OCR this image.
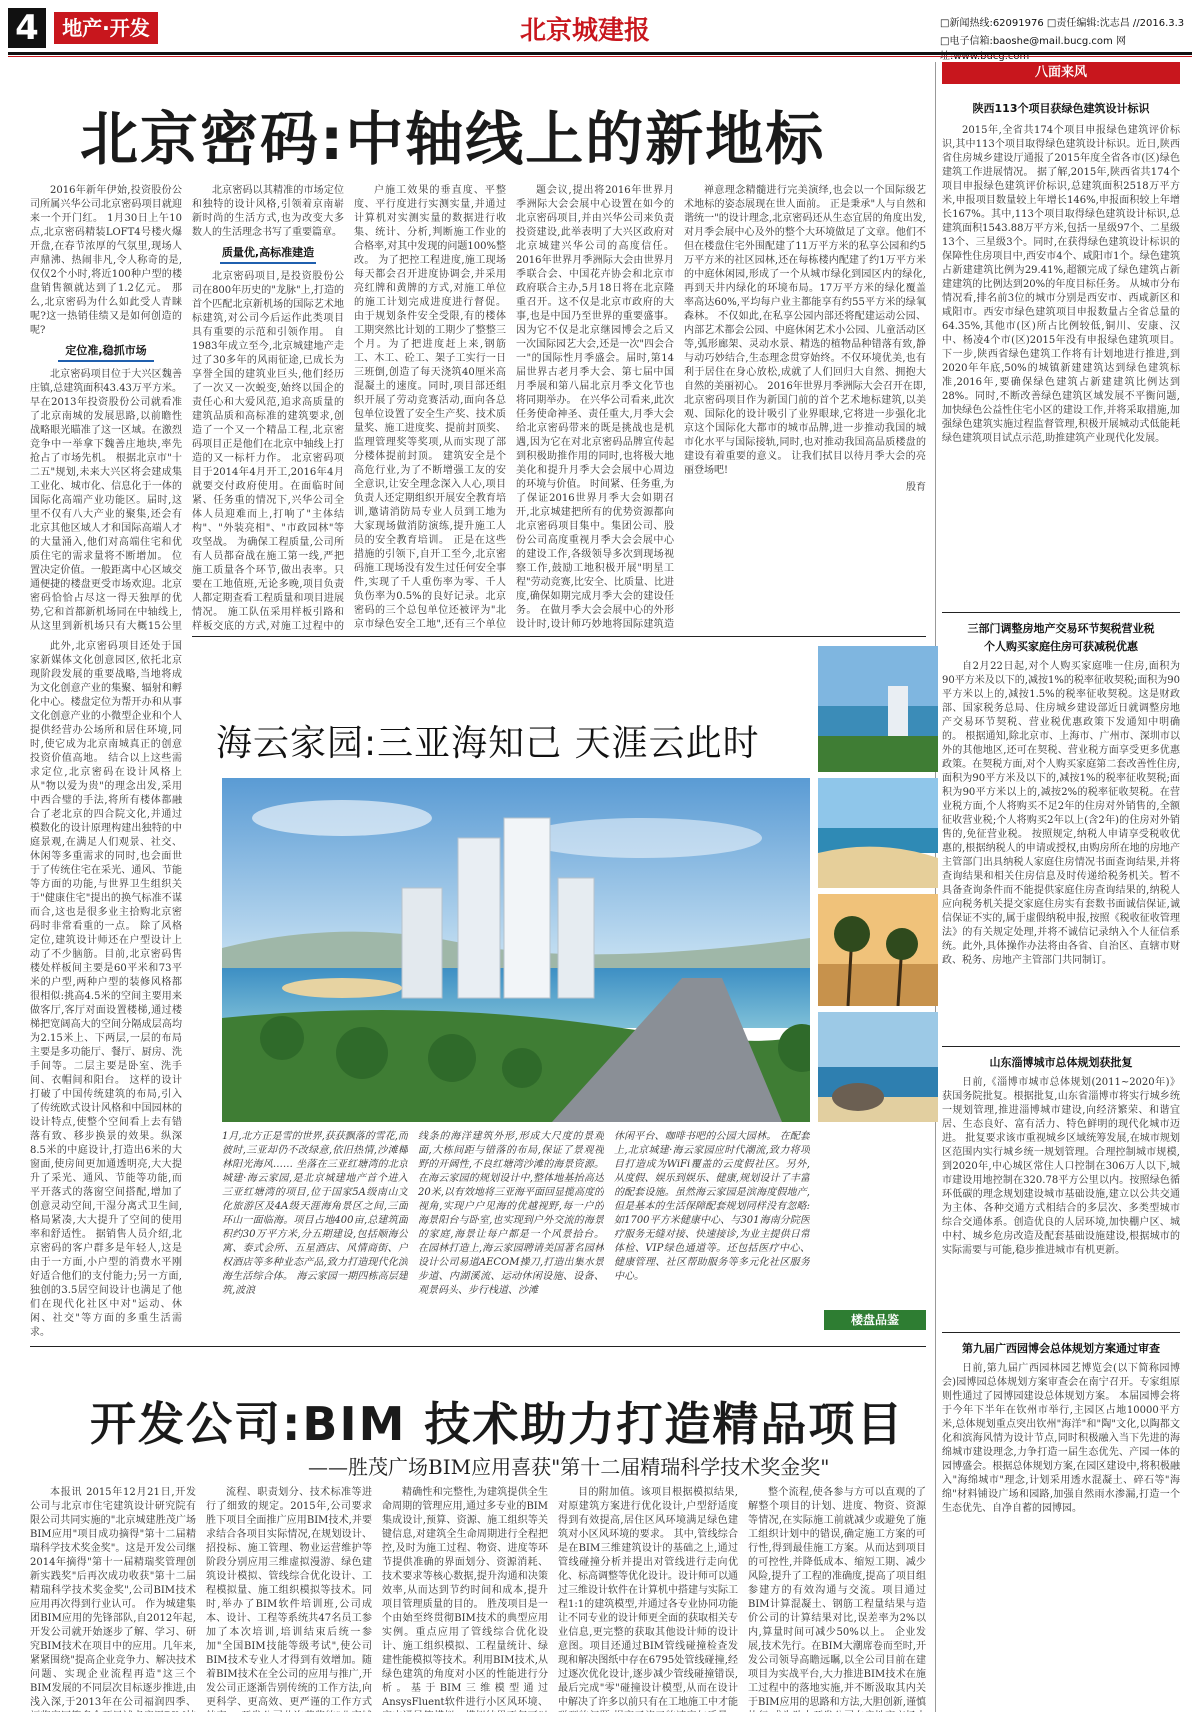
4	地产·开发	北京城建报	□新闻热线:62091976 □责任编辑:沈志昌 //2016.3.3
□电子信箱:baoshe@mail.bucg.com 网
北京密码:中轴线上的新地标

2016年新年伊始,投资股份公司所属兴华公司北京密码项目就迎来一个开门红。 1月30日上午10点,北京密码精装LOFT4号楼火爆开盘,在春节浓厚的气氛里,现场人声鼎沸、热闹非凡,令人称奇的是,仅仅2个小时,将近100种户型的楼盘销售额就达到了1.2亿元。 那么,北京密码为什么如此受人青睐呢?这一热销佳绩又是如何创造的呢?

定位准,稳抓市场

北京密码项目位于大兴区魏善庄镇,总建筑面积43.43万平方米。早在2013年投资股份公司就看准了北京南城的发展思路,以前瞻性战略眼光瞄准了这一区域。在激烈竞争中一举拿下魏善庄地块,率先抢占了市场先机。 根据北京市"十二五"规划,未来大兴区将会建成集工业化、城市化、信息化于一体的国际化高端产业功能区。届时,这里不仅有八大产业的聚集,还会有北京其他区域人才和国际高端人才的大量涌入,他们对高端住宅和优质住宅的需求量将不断增加。 位置决定价值。一般距离中心区域交通便捷的楼盘更受市场欢迎。北京密码恰恰占尽这一得天独厚的优势,它和首都新机场同在中轴线上,从这里到新机场只有大概15公里

此外,北京密码项目还处于国家新媒体文化创意园区,依托北京现阶段发展的重要战略,当地将成为文化创意产业的集聚、辐射和孵化中心。楼盘定位为帮开办和从事文化创意产业的小微型企业和个人提供经营办公场所和居住环境,同时,使它成为北京南城真正的创意投资价值高地。 结合以上这些需求定位,北京密码在设计风格上从"物以爱为贵"的理念出发,采用中西合璧的手法,将所有楼体都融合了老北京的四合院文化,并通过模数化的设计原理构建出独特的中庭景观,在满足人们观景、社交、休闲等多重需求的同时,也会面世于了传统住宅在采光、通风、节能等方面的功能,与世界卫生组织关于"健康住宅"提出的换气标准不谋而合,这也是很多业主拾购北京密码时非常看重的一点。 除了风格定位,建筑设计师还在户型设计上动了不少脑筋。目前,北京密码售楼处样板间主要是60平米和73平米的户型,两种户型的装修风格都很相似:挑高4.5米的空间主要用来做客厅,客厅对面设置楼梯,通过楼梯把宽阔高大的空间分隔成层高均为2.15米上、下两层,一层的布局主要是多功能厅、餐厅、厨房、洗手间等。二层主要是卧室、洗手间、衣帽间和阳台。 这样的设计打破了中国传统建筑的布局,引入了传统欧式设计风格和中国园林的设计特点,使整个空间看上去有错落有致、移步换景的效果。纵深8.5米的中庭设计,打造出6米的大窗面,使房间更加通透明亮,大大提升了采光、通风、节能等功能,而平开落式的落窗空间搭配,增加了创意灵动空间,干湿分离式卫生间,格局紧凑,大大提升了空间的使用率和舒适性。 据销售人员介绍,北京密码的客户群多是年轻人,这是由于一方面,小户型的消费水平刚好适合他们的支付能力;另一方面,独创的3.5居空间设计也满足了他们在现代化社区中对"运动、休闲、社交"等方面的多重生活需求。

北京密码以其精准的市场定位和独特的设计风格,引领着京南崭新时尚的生活方式,也为改变大多数人的生活理念书写了重要篇章。

质量优,高标准建造

北京密码项目,是投资股份公司在800年历史的"龙脉"上,打造的首个匹配北京新机场的国际艺术地标建筑,对公司今后运作此类项目具有重要的示范和引领作用。 自1983年成立至今,北京城建地产走过了30多年的风雨征途,已成长为享誉全国的建筑业巨头,他们经历了一次又一次蜕变,始终以国企的责任心和大爱风范,追求高质量的建筑品质和高标准的建筑要求,创造了一个又一个精品工程,北京密码项目正是他们在北京中轴线上打造的又一标杆力作。 北京密码项目于2014年4月开工,2016年4月就要交付政府使用。在面临时间紧、任务重的情况下,兴华公司全体人员迎难而上,打响了"主体结构"、"外装亮相"、"市政园林"等攻坚战。 为确保工程质量,公司所有人员都奋战在施工第一线,严把施工质量各个环节,做出表率。只要在工地值班,无论多晚,项目负责人都定期查看工程质量和项目进展情况。 施工队伍采用样板引路和样板交底的方式,对施工过程中的

户施工效果的垂直度、平整度、平行度进行实测实量,并通过计算机对实测实量的数据进行收集、统计、分析,判断施工作业的合格率,对其中发现的问题100%整改。 为了把控工程进度,施工现场每天都会召开进度协调会,并采用亮红牌和黄牌的方式,对施工单位的施工计划完成进度进行督促。 由于规划条件安全受限,有的楼体工期突然比计划的工期少了整整三个月。为了把进度赶上来,钢筋工、木工、砼工、架子工实行一日三班倒,创造了每天浇筑40厘米高混凝土的速度。同时,项目部还组织开展了劳动竞赛活动,面向各总包单位设置了安全生产奖、技术质量奖、施工进度奖、提前封顶奖、监理管理奖等奖项,从而实现了部分楼体提前封顶。 建筑安全是个高危行业,为了不断增强工友的安全意识,让安全理念深入人心,项目负责人还定期组织开展安全教育培训,邀请消防局专业人员到工地为大家现场做消防演练,提升施工人员的安全教育培训。 正是在这些措施的引领下,自开工至今,北京密码施工现场没有发生过任何安全事件,实现了千人重伤率为零、千人负伤率为0.5%的良好记录。北京密码的三个总包单位还被评为"北京市绿色安全工地",还有三个单位

题会议,提出将2016年世界月季洲际大会会展中心设置在如今的北京密码项目,并由兴华公司来负责投资建设,此举表明了大兴区政府对北京城建兴华公司的高度信任。 2016年世界月季洲际大会由世界月季联合会、中国花卉协会和北京市政府联合主办,5月18日将在北京隆重召开。这不仅是北京市政府的大事,也是中国乃至世界的重要盛事。因为它不仅是北京继园博会之后又一次国际园艺大会,还是一次"四会合一"的国际性月季盛会。届时,第14届世界古老月季大会、第七届中国月季展和第八届北京月季文化节也将同期举办。 在兴华公司看来,此次任务使命神圣、责任重大,月季大会给北京密码带来的既是挑战也是机遇,因为它在对北京密码品牌宣传起到积极助推作用的同时,也将极大地美化和提升月季大会会展中心周边的环境与价值。 时间紧、任务重,为了保证2016世界月季大会如期召开,北京城建把所有的优势资源都向北京密码项目集中。集团公司、股份公司高度重视月季大会会展中心的建设工作,各级领导多次到现场视察工作,鼓励工地积极开展"明星工程"劳动竞赛,比安全、比质量、比进度,确保如期完成月季大会的建设任务。 在做月季大会会展中心的外形设计时,设计师巧妙地将国际建筑造

禅意理念精髓进行完美演绎,也会以一个国际级艺术地标的姿态展现在世人面前。 正是秉承"人与自然和谐统一"的设计理念,北京密码还从生态宜居的角度出发,对月季会展中心及外的整个大环境做足了文章。他们不但在楼盘住宅外围配建了11万平方米的私享公园和约5万平方米的社区园林,还在每栋楼内配建了约1万平方米的中庭休闲园,形成了一个从城市绿化到园区内的绿化,再到天井内绿化的环境布局。17万平方米的绿化覆盖率高达60%,平均每户业主都能享有约55平方米的绿氧森林。 不仅如此,在私享公园内部还将配建运动公园、内部艺术都会公园、中庭休闲艺术小公园、儿童活动区等,弧形廊架、灵动水景、精选的植物品种错落有致,静与动巧妙结合,生态理念贯穿始终。不仅环境优美,也有利于居住在身心放松,成就了人们回归大自然、拥抱大自然的美丽初心。 2016年世界月季洲际大会召开在即,北京密码项目作为新国门前的首个艺术地标建筑,以美观、国际化的设计吸引了业界眼球,它将进一步强化北京这个国际化大都市的城市品牌,进一步推动我国的城市化水平与国际接轨,同时,也对推动我国高品质楼盘的建设有着重要的意义。 让我们拭目以待月季大会的亮丽登场吧!

殷育

海云家园:三亚海知己 天涯云此时
1月,北方正是雪的世界,获获飘落的雪花,而彼时,三亚却仍不改绿意,依旧热情,沙滩椰林阳光海风…… 坐落在三亚红塘湾的北京城建·海云家园,是北京城建地产首个进入三亚红塘湾的项目,位于国家5A级南山文化旅游区及4A级天涯海角景区之间,三面环山一面临海。项目占地400亩,总建筑面积约30万平方米,分五期建设,包括顺海公寓、泰式会所、五星酒店、风情商街、户权酒店等多种业态产品,致力打造现代化滨海生活综合体。 海云家园一期四栋高层建筑,波浪
线条的海洋建筑外形,形成大尺度的景观面,大栋间距与错落的布局,保证了景观视野的开阔性,不良红塘湾沙滩的海景资源。在海云家园的规划设计中,整体地基抬高达20米,以有效地将三亚海平面回显揽高度的视角,实现户户见海的优越视野,每一户的海景阳台与卧室,也实现到户外交流的海景的家庭,海景让每户都是一个风景拾台。 在园林打造上,海云家园聘请美国著名园林设计公司易道AECOM操刀,打造出集水景步道、内湖溪流、运动休闲设施、设备、观景码头、步行栈道、沙滩
休闲平台、咖啡书吧的公园大园林。 在配套上,北京城建·海云家园应时代潮流,致力将项目打造成为WiFi覆盖的云度假社区。另外,从度假、娱乐到娱乐、健康,规划设计了丰富的配套设施。虽然海云家园是滨海度假地产,但是基本的生活保障配套规划同样没有忽略:如1700平方米健康中心、与301海南分院医疗服务无缝对接、快速接诊,为业主提供日常体检、VIP绿色通道等。还包括医疗中心、健康管理、社区帮助服务等多元化社区服务中心。
楼盘品鉴
开发公司:BIM 技术助力打造精品项目
——胜茂广场BIM应用喜获"第十二届精瑞科学技术奖金奖"

本报讯 2015年12月21日,开发公司与北京市住宅建筑设计研究院有限公司共同实施的"北京城建胜茂广场BIM应用"项目成功摘得"第十二届精瑞科学技术奖金奖"。这是开发公司继2014年摘得"第十一届精瑞奖管理创新实践奖"后再次成功收获"第十二届精瑞科学技术奖金奖",公司BIM技术应用再次得到行业认可。 作为城建集团BIM应用的先锋部队,自2012年起,开发公司就开始逐步了解、学习、研究BIM技术在项目中的应用。几年来,紧紧围绕"提高企业竞争力、解决技术问题、实现企业流程再造"这三个BIM发展的不同层次目标逐步推进,由浅入深,于2013年在公司福润四季、

流程、职责划分、技术标准等进行了细致的规定。2015年,公司要求胜下项目全面推广应用BIM技术,并要求结合各项目实际情况,在规划设计、招投标、施工管理、物业运营维护等阶段分别应用三维虚拟漫游、绿色建筑设计模拟、管线综合优化设计、工程模拟量、施工组织模拟等技术。同时,举办了BIM软件培训班,公司成本、设计、工程等系统共47名员工参加了本次培训,培训结束后统一参加"全国BIM技能等级考试",使公司BIM技术专业人才得到有效增加。随着BIM技术在全公司的应用与推广,开发公司正逐渐告别传统的工作方法,向更科学、更高效、更严谨的工作方式

精确性和完整性,为建筑提供全生命周期的管理应用,通过多专业的BIM集成设计,预算、资源、施工组织等关键信息,对建筑全生命周期进行全程把控,及时为施工过程、物资、进度等环节提供准确的界面划分、资源消耗、技术要求等核心数据,提升沟通和决策效率,从而达到节约时间和成本,提升项目管理质量的目的。 胜茂项目是一个由始至终贯彻BIM技术的典型应用实例。重点应用了管线综合优化设计、施工组织模拟、工程量统计、绿建性能模拟等技术。利用BIM技术,从绿色建筑的角度对小区的性能进行分析。基于BIM三维模型通过AnsysFluent软件进行小区风环境、

目的附加值。该项目根据模拟结果,对原建筑方案进行优化设计,户型舒适度得到有效提高,居住区风环境满足绿色建筑对小区风环境的要求。 其中,管线综合是在BIM三维建筑设计的基础之上,通过管线碰撞分析并提出对管线进行走向优化、标高调整等优化设计。设计师可以通过三维设计软件在计算机中搭建与实际工程1:1的建筑模型,并通过各专业协同功能让不同专业的设计师更全面的获取相关专业信息,更完整的获取其他设计师的设计意图。项目还通过BIM管线碰撞检查发现和解决图纸中存在6795处管线碰撞,经过逐次优化设计,逐步减少管线碰撞错误,最后完成"零"碰撞设计模型,从而在设计中解决了许多以前只有在工地施工中才能

整个流程,使各参与方可以直观的了解整个项目的计划、进度、物资、资源等情况,在实际施工前就减少或避免了施工组织计划中的错误,确定施工方案的可行性,得到最佳施工方案。从而达到项目的可控性,并降低成本、缩短工期、减少风险,提升了工程的准确度,提高了项目组参建方的有效沟通与交流。项目通过BIM计算混凝土、钢筋工程量结果与造价公司的计算结果对比,误差率为2%以内,算量时间可减少50%以上。 企业发展,技术先行。在BIM大潮席卷而至时,开发公司领导高瞻远瞩,以全公司目前在建项目为实战平台,大力推进BIM技术在施工过程中的落地实施,并不断汲取其内关于BIM应用的思路和方法,大胆创新,谨慎

八面来风
陕西113个项目获绿色建筑设计标识

2015年,全省共174个项目申报绿色建筑评价标识,其中113个项目取得绿色建筑设计标识。近日,陕西省住房城乡建设厅通报了2015年度全省各市(区)绿色建筑工作进展情况。 据了解,2015年,陕西省共174个项目申报绿色建筑评价标识,总建筑面积2518万平方米,申报项目数量较上年增长146%,申报面积较上年增长167%。其中,113个项目取得绿色建筑设计标识,总建筑面积1543.88万平方米,包括一星级97个、二星级13个、三星级3个。同时,在获得绿色建筑设计标识的保障性住房项目中,西安市4个、咸阳市1个。绿色建筑占新建建筑比例为29.41%,超额完成了绿色建筑占新建建筑的比例达到20%的年度目标任务。 从城市分布情况看,排名前3位的城市分别是西安市、西咸新区和咸阳市。西安市绿色建筑项目申报数量占全省总量的64.35%,其他市(区)所占比例较低,铜川、安康、汉中、杨凌4个市(区)2015年没有申报绿色建筑项目。 下一步,陕西省绿色建筑工作将有计划地进行推进,到2020年年底,50%的城镇新建建筑达到绿色建筑标准,2016年,要确保绿色建筑占新建建筑比例达到28%。同时,不断改善绿色建筑区域发展不平衡问题,加快绿色公益性住宅小区的建设工作,并将采取措施,加强绿色建筑实施过程监督管理,积极开展城动式低能耗绿色建筑项目试点示范,助推建筑产业现代化发展。

三部门调整房地产交易环节契税营业税
个人购买家庭住房可获减税优惠

自2月22日起,对个人购买家庭唯一住房,面积为90平方米及以下的,减按1%的税率征收契税;面积为90平方米以上的,减按1.5%的税率征收契税。这是财政部、国家税务总局、住房城乡建设部近日就调整房地产交易环节契税、营业税优惠政策下发通知中明确的。 根据通知,除北京市、上海市、广州市、深圳市以外的其他地区,还可在契税、营业税方面享受更多优惠政策。在契税方面,对个人购买家庭第二套改善性住房,面积为90平方米及以下的,减按1%的税率征收契税;面积为90平方米以上的,减按2%的税率征收契税。在营业税方面,个人将购买不足2年的住房对外销售的,全额征收营业税;个人将购买2年以上(含2年)的住房对外销售的,免征营业税。 按照规定,纳税人申请享受税收优惠的,根据纳税人的申请或授权,由购房所在地的房地产主管部门出具纳税人家庭住房情况书面查询结果,并将查询结果和相关住房信息及时传递给税务机关。暂不具备查询条件而不能提供家庭住房查询结果的,纳税人应向税务机关提交家庭住房实有套数书面诚信保证,诚信保证不实的,属于虚假纳税申报,按照《税收征收管理法》的有关规定处理,并将不诚信记录纳入个人征信系统。此外,具体操作办法将由各省、自治区、直辖市财政、税务、房地产主管部门共同制订。

山东淄博城市总体规划获批复

日前,《淄博市城市总体规划(2011~2020年)》获国务院批复。根据批复,山东省淄博市将实行城乡统一规划管理,推进淄博城市建设,向经济繁荣、和谐宜居、生态良好、富有活力、特色鲜明的现代化城市迈进。 批复要求该市重视城乡区域统筹发展,在城市规划区范围内实行城乡统一规划管理。合理控制城市规模,到2020年,中心城区常住人口控制在306万人以下,城市建设用地控制在320.78平方公里以内。按照绿色循环低碳的理念规划建设城市基础设施,建立以公共交通为主体、各种交通方式相结合的多层次、多类型城市综合交通体系。创造优良的人居环境,加快棚户区、城中村、城乡危房改造及配套基础设施建设,根据城市的实际需要与可能,稳步推进城市有机更新。

第九届广西园博会总体规划方案通过审查

日前,第九届广西园林园艺博览会(以下简称园博会)园博园总体规划方案审查会在南宁召开。专家组原则性通过了园博园建设总体规划方案。 本届园博会将于今年下半年在钦州市举行,主园区占地10000平方米,总体规划重点突出钦州"海洋"和"陶"文化,以陶都文化和滨海风情为设计节点,同时积极融入当下先进的海绵城市建设理念,力争打造一届生态优先、产园一体的园博盛会。根据总体规划方案,在园区建设中,将积极融入"海绵城市"理念,计划采用透水混凝土、碎石等"海绵"材料铺设广场和园路,加强自然雨水渗漏,打造一个生态优先、自净自蓄的园博园。
